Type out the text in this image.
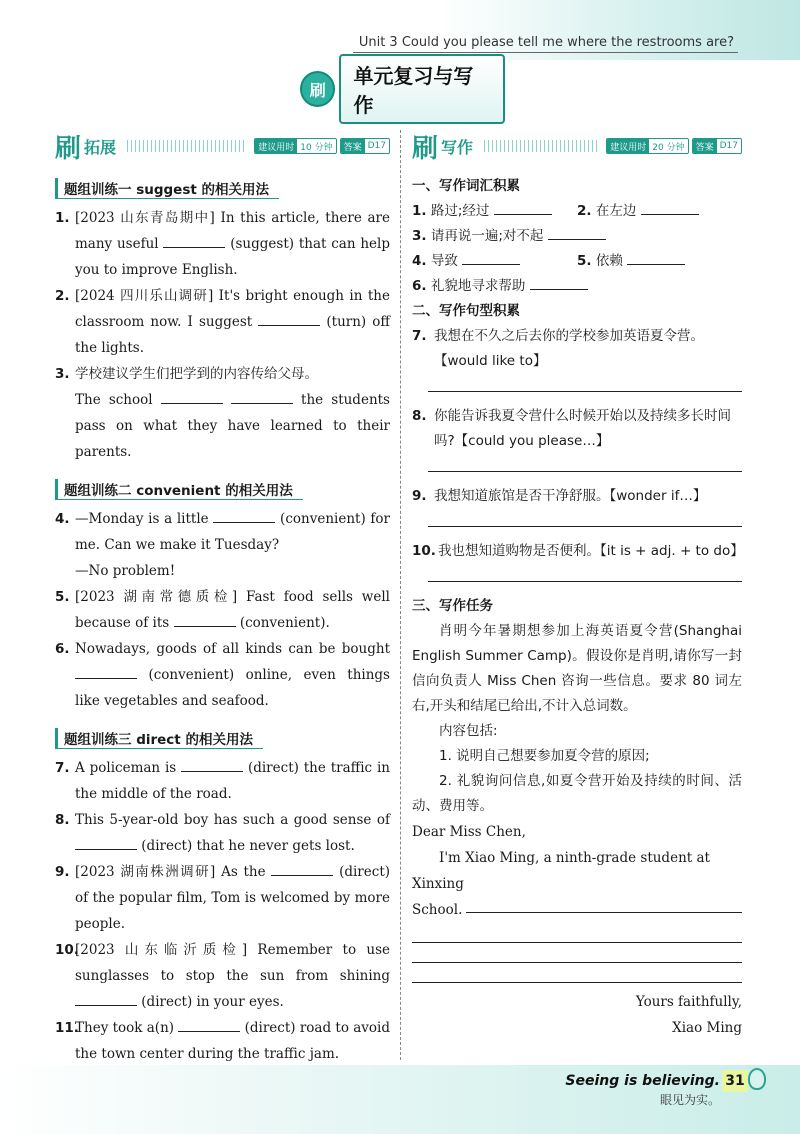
Unit 3 Could you please tell me where the restrooms are?
刷
单元复习与写作
刷 拓展	建议用时 10 分钟	答案 D17
题组训练一 suggest 的相关用法
1. [2023 山东青岛期中] In this article, there are many useful	(suggest) that can help you to improve English.
2. [2024 四川乐山调研] It's bright enough in the classroom now. I suggest	(turn) off the lights.
3. 学校建议学生们把学到的内容传给父母。
The school	the students pass on what they have learned to their parents.
题组训练二 convenient 的相关用法
4. —Monday is a little	(convenient) for me. Can we make it Tuesday?
—No problem!
5. [2023 湖南常德质检] Fast food sells well because of its	(convenient).
6. Nowadays, goods of all kinds can be bought  (convenient) online, even things like vegetables and seafood.
题组训练三 direct 的相关用法
7. A policeman is	(direct) the traffic in the middle of the road.
8. This 5-year-old boy has such a good sense of  (direct) that he never gets lost.
9. [2023 湖南株洲调研] As the	(direct) of the popular film, Tom is welcomed by more people.
10.
[2023 山东临沂质检] Remember to use sunglasses to stop the sun from shining  (direct) in your eyes.
11.
They took a(n)	(direct) road to avoid the town center during the traffic jam.
刷 写作	建议用时 20 分钟	答案 D17
一、写作词汇积累
1. 路过;经过	2. 在左边
3. 请再说一遍;对不起
4. 导致	5. 依赖
6. 礼貌地寻求帮助
二、写作句型积累
7. 我想在不久之后去你的学校参加英语夏令营。【would like to】
8. 你能告诉我夏令营什么时候开始以及持续多长时间吗?【could you please…】
9. 我想知道旅馆是否干净舒服。【wonder if…】
10. 我也想知道购物是否便利。【it is + adj. + to do】
三、写作任务
肖明今年暑期想参加上海英语夏令营(Shanghai English Summer Camp)。假设你是肖明,请你写一封信向负责人 Miss Chen 咨询一些信息。要求 80 词左右,开头和结尾已给出,不计入总词数。
内容包括:
1. 说明自己想要参加夏令营的原因;
2. 礼貌询问信息,如夏令营开始及持续的时间、活动、费用等。
Dear Miss Chen,
I'm Xiao Ming, a ninth-grade student at Xinxing
School.
Yours faithfully,
Xiao Ming
Seeing is believing.
眼见为实。
31
